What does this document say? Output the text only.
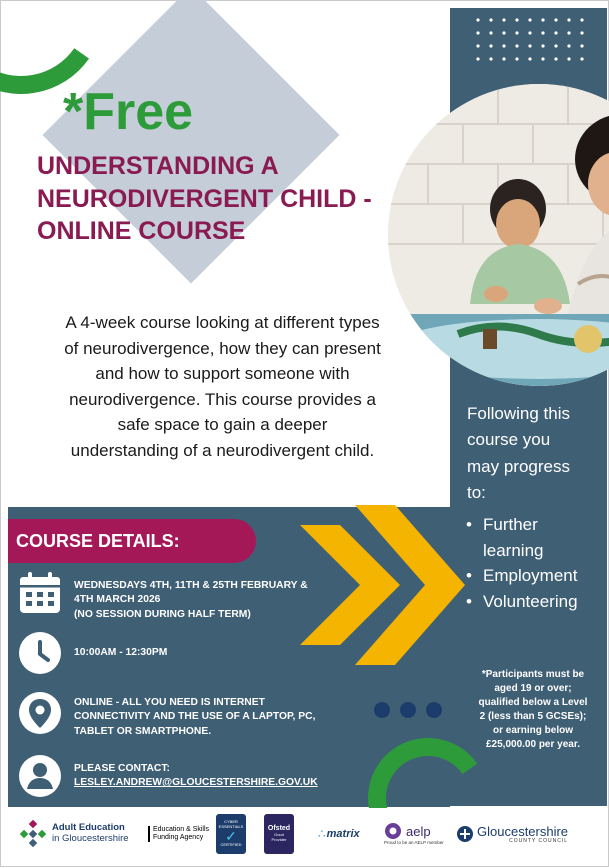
Following this
course you
may progress
to:
• Further
learning
• Employment
• Volunteering
*Participants must be
aged 19 or over;
qualified below a Level
2 (less than 5 GCSEs);
or earning below
£25,000.00 per year.
*Free
UNDERSTANDING A
NEURODIVERGENT CHILD -
ONLINE COURSE
A 4-week course looking at different types
of neurodivergence, how they can present
and how to support someone with
neurodivergence. This course provides a
safe space to gain a deeper
understanding of a neurodivergent child.
COURSE DETAILS:
WEDNESDAYS 4TH, 11TH & 25TH FEBRUARY &
4TH MARCH 2026
(NO SESSION DURING HALF TERM)
10:00AM - 12:30PM
ONLINE - ALL YOU NEED IS INTERNET
CONNECTIVITY AND THE USE OF A LAPTOP, PC,
TABLET OR SMARTPHONE.
PLEASE CONTACT:
LESLEY.ANDREW@GLOUCESTERSHIRE.GOV.UK
Adult Education
in Gloucestershire
Education & Skills
Funding Agency
CYBER
ESSENTIALS
✓
CERTIFIED
Ofsted
Good
Provider	∴ matrix	aelp
Proud to be an AELP member
Gloucestershire
COUNTY COUNCIL
